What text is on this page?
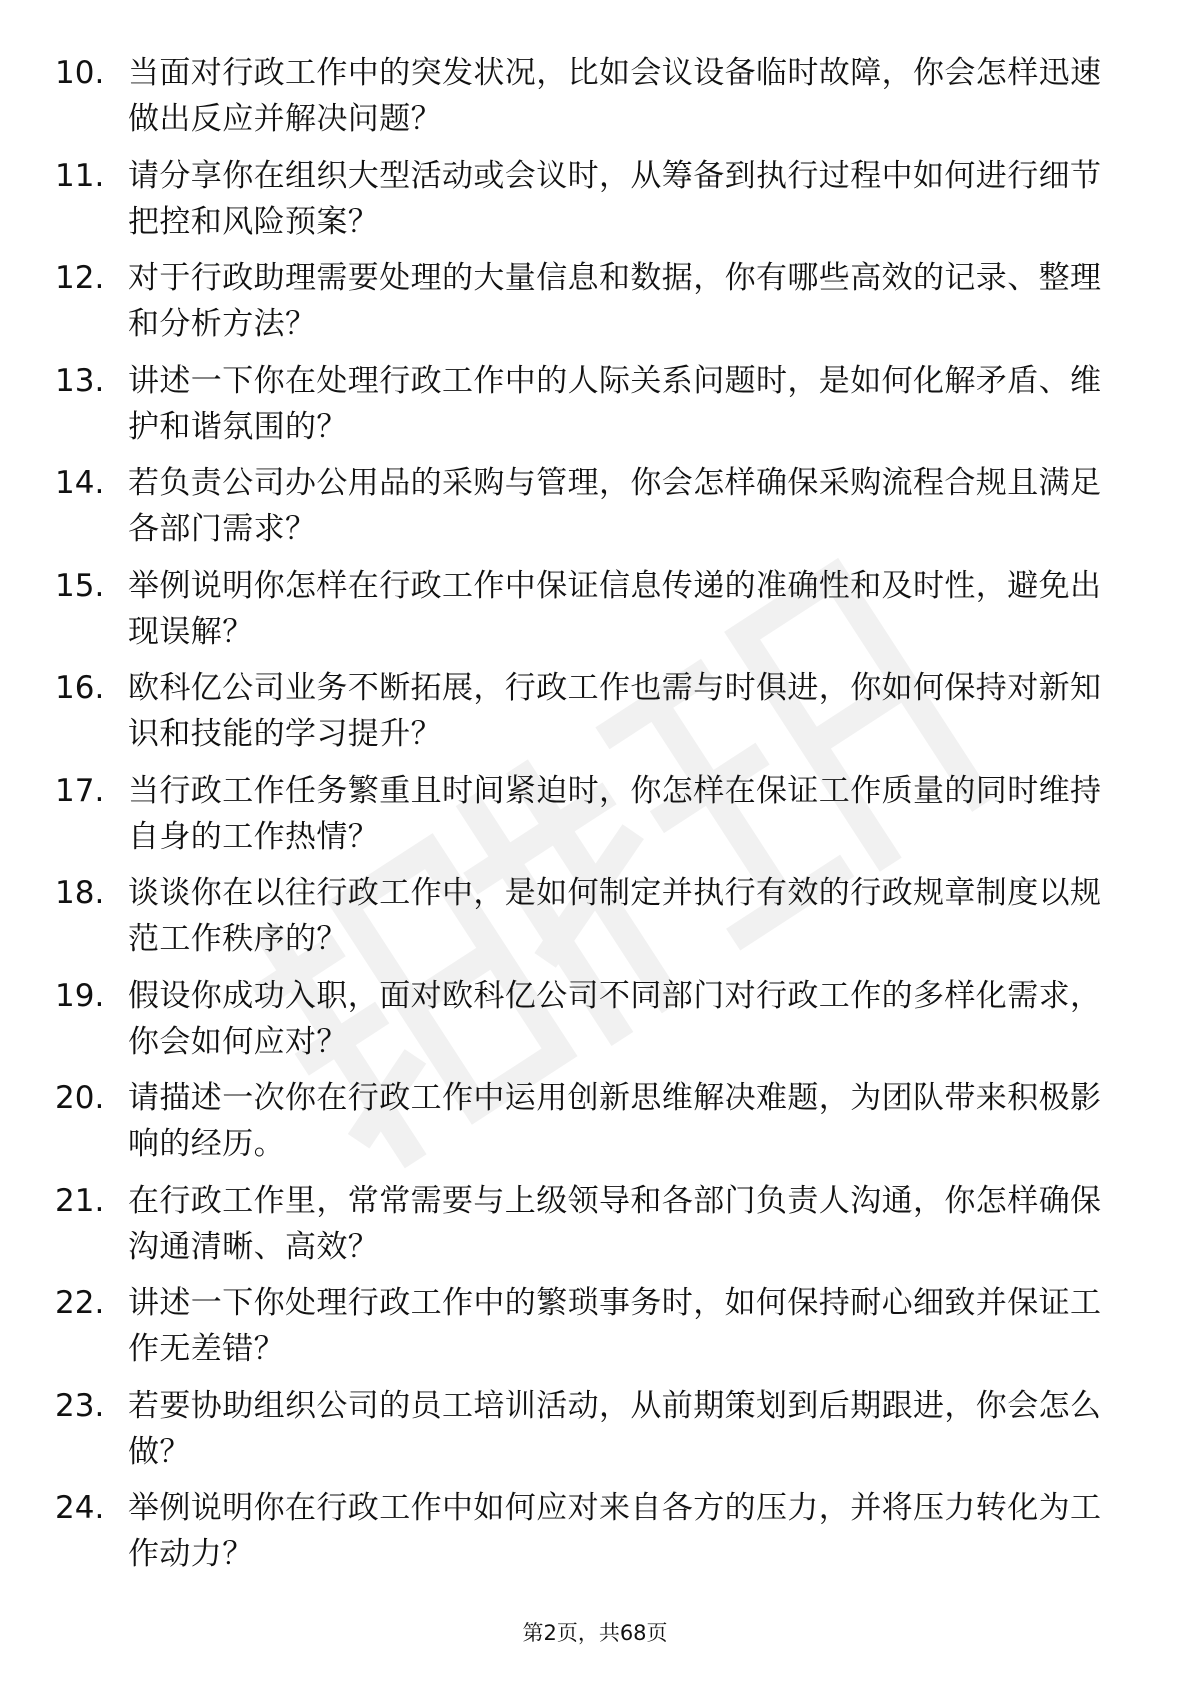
10. 当面对行政工作中的突发状况，比如会议设备临时故障，你会怎样迅速做出反应并解决问题？
11. 请分享你在组织大型活动或会议时，从筹备到执行过程中如何进行细节把控和风险预案？
12. 对于行政助理需要处理的大量信息和数据，你有哪些高效的记录、整理和分析方法？
13. 讲述一下你在处理行政工作中的人际关系问题时，是如何化解矛盾、维护和谐氛围的？
14. 若负责公司办公用品的采购与管理，你会怎样确保采购流程合规且满足各部门需求？
15. 举例说明你怎样在行政工作中保证信息传递的准确性和及时性，避免出现误解？
16. 欧科亿公司业务不断拓展，行政工作也需与时俱进，你如何保持对新知识和技能的学习提升？
17. 当行政工作任务繁重且时间紧迫时，你怎样在保证工作质量的同时维持自身的工作热情？
18. 谈谈你在以往行政工作中，是如何制定并执行有效的行政规章制度以规范工作秩序的？
19. 假设你成功入职，面对欧科亿公司不同部门对行政工作的多样化需求，你会如何应对？
20. 请描述一次你在行政工作中运用创新思维解决难题，为团队带来积极影响的经历。
21. 在行政工作里，常常需要与上级领导和各部门负责人沟通，你怎样确保沟通清晰、高效？
22. 讲述一下你处理行政工作中的繁琐事务时，如何保持耐心细致并保证工作无差错？
23. 若要协助组织公司的员工培训活动，从前期策划到后期跟进，你会怎么做？
24. 举例说明你在行政工作中如何应对来自各方的压力，并将压力转化为工作动力？
第2页，共68页
